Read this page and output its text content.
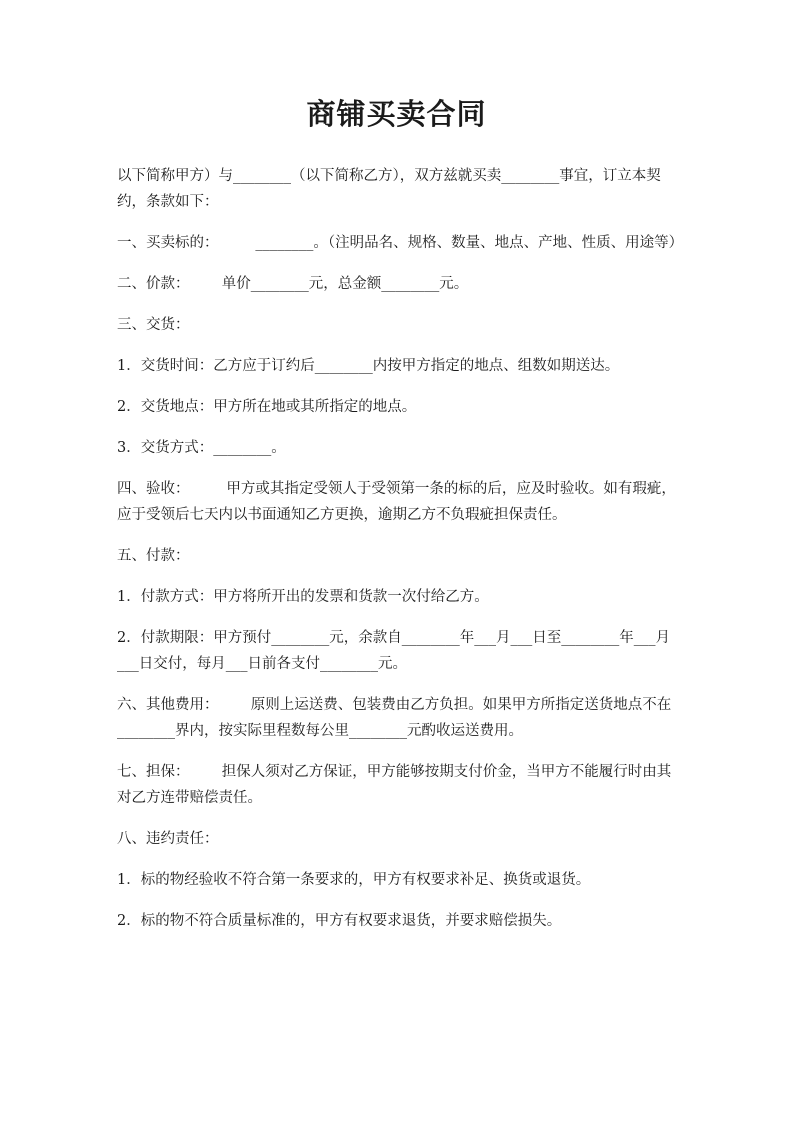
商铺买卖合同

以下简称甲方）与________（以下简称乙方），双方兹就买卖________事宜，订立本契约，条款如下：

一、买卖标的：        ________。（注明品名、规格、数量、地点、产地、性质、用途等）

二、价款：       单价________元，总金额________元。

三、交货：

1．交货时间：乙方应于订约后________内按甲方指定的地点、组数如期送达。

2．交货地点：甲方所在地或其所指定的地点。

3．交货方式：________。

四、验收：        甲方或其指定受领人于受领第一条的标的后，应及时验收。如有瑕疵，应于受领后七天内以书面通知乙方更换，逾期乙方不负瑕疵担保责任。

五、付款：

1．付款方式：甲方将所开出的发票和货款一次付给乙方。

2．付款期限：甲方预付________元，余款自________年___月___日至________年___月___日交付，每月___日前各支付________元。

六、其他费用：       原则上运送费、包装费由乙方负担。如果甲方所指定送货地点不在________界内，按实际里程数每公里________元酌收运送费用。

七、担保：       担保人须对乙方保证，甲方能够按期支付价金，当甲方不能履行时由其对乙方连带赔偿责任。

八、违约责任：

1．标的物经验收不符合第一条要求的，甲方有权要求补足、换货或退货。

2．标的物不符合质量标准的，甲方有权要求退货，并要求赔偿损失。
